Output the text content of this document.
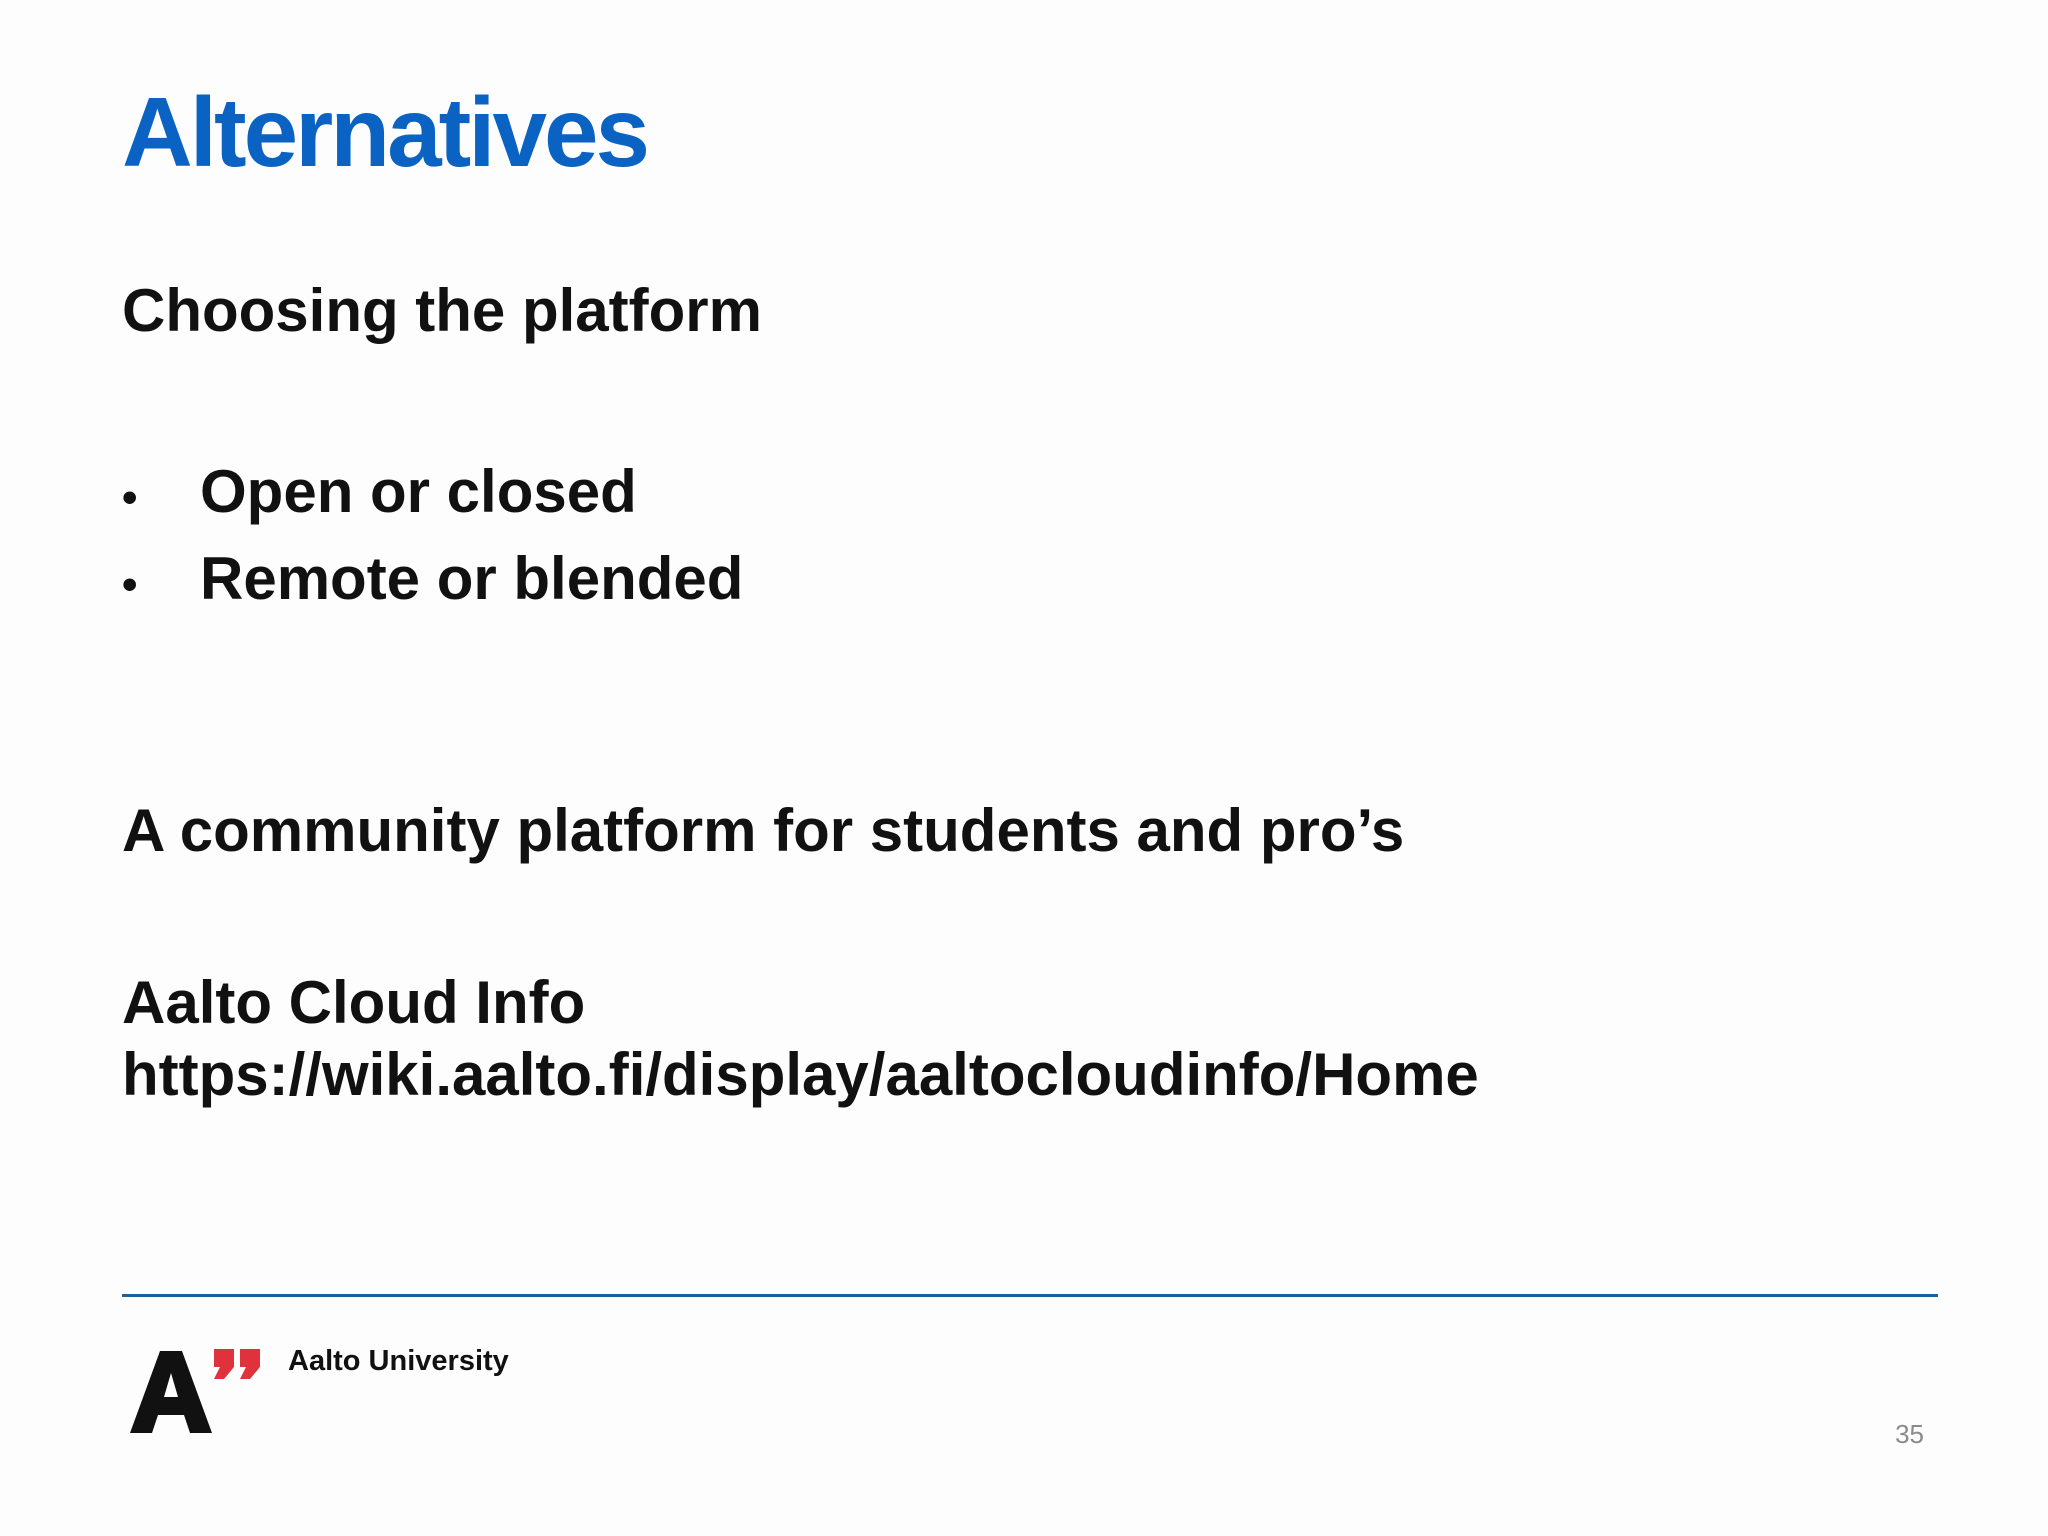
Alternatives
Choosing the platform
•	Open or closed
•	Remote or blended
A community platform for students and pro’s
Aalto Cloud Info
https://wiki.aalto.fi/display/aaltocloudinfo/Home
Aalto University
35
